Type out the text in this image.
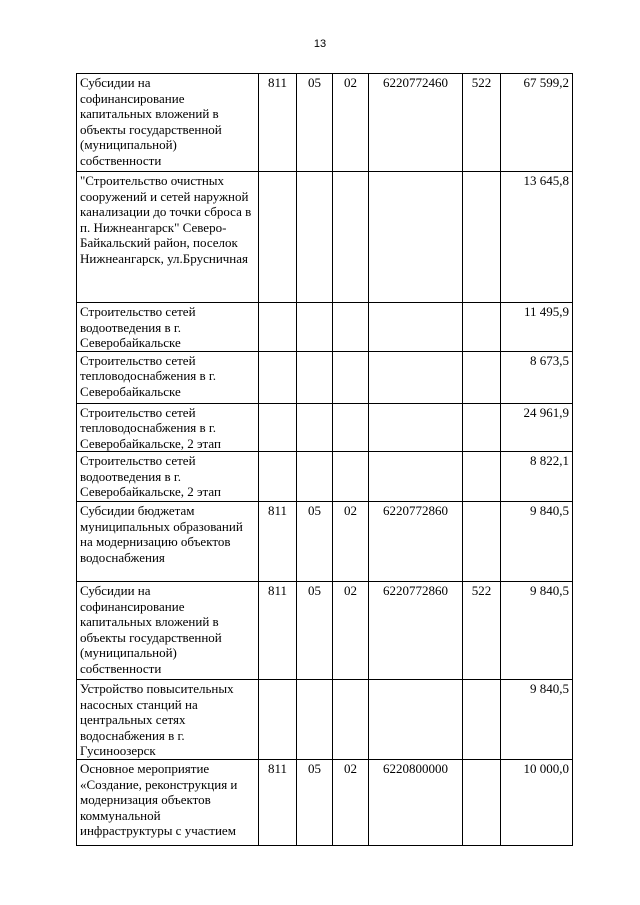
13
Субсидии на софинансирование капитальных вложений в объекты государственной (муниципальной) собственности	811	05	02	6220772460	522	67 599,2
"Строительство очистных сооружений и сетей наружной канализации до точки сброса в п. Нижнеангарск" Северо-Байкальский район, поселок Нижнеангарск, ул.Брусничная						13 645,8
Строительство сетей водоотведения в г. Северобайкальске						11 495,9
Строительство сетей тепловодоснабжения в г. Северобайкальске						8 673,5
Строительство сетей тепловодоснабжения в г. Северобайкальске, 2 этап						24 961,9
Строительство сетей водоотведения в г. Северобайкальске, 2 этап						8 822,1
Субсидии бюджетам муниципальных образований на модернизацию объектов водоснабжения	811	05	02	6220772860		9 840,5
Субсидии на софинансирование капитальных вложений в объекты государственной (муниципальной) собственности	811	05	02	6220772860	522	9 840,5
Устройство повысительных насосных станций на центральных сетях водоснабжения в г. Гусиноозерск						9 840,5
Основное мероприятие «Создание, реконструкция и модернизация объектов коммунальной инфраструктуры с участием	811	05	02	6220800000		10 000,0
